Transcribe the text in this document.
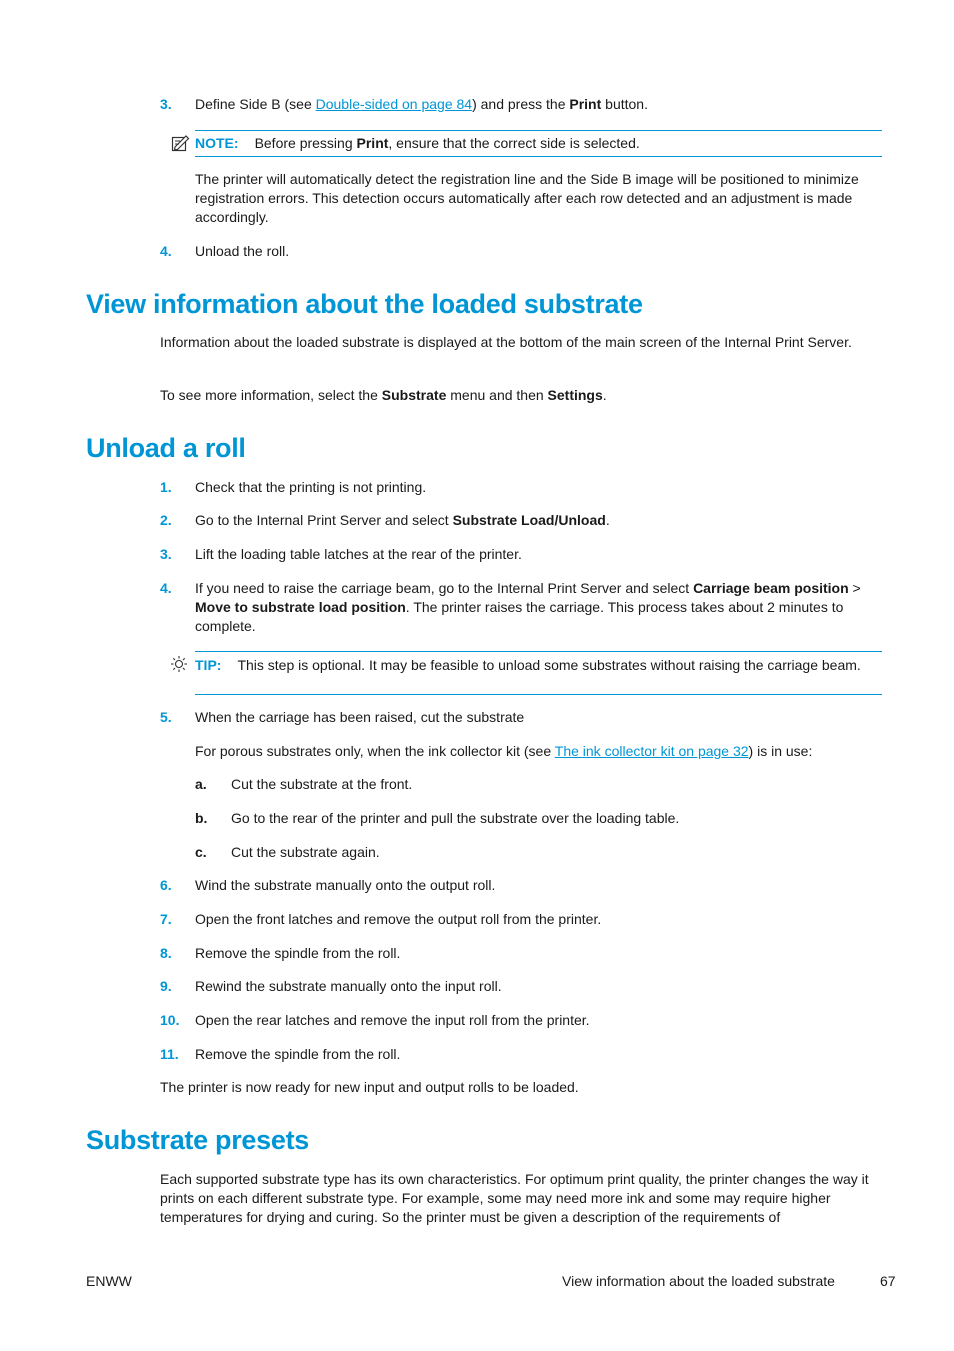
3. Define Side B (see Double-sided on page 84) and press the Print button.
NOTE: Before pressing Print, ensure that the correct side is selected.
The printer will automatically detect the registration line and the Side B image will be positioned to minimize registration errors. This detection occurs automatically after each row detected and an adjustment is made accordingly.
4. Unload the roll.
View information about the loaded substrate
Information about the loaded substrate is displayed at the bottom of the main screen of the Internal Print Server.
To see more information, select the Substrate menu and then Settings.
Unload a roll
1. Check that the printing is not printing.
2. Go to the Internal Print Server and select Substrate Load/Unload.
3. Lift the loading table latches at the rear of the printer.
4. If you need to raise the carriage beam, go to the Internal Print Server and select Carriage beam position > Move to substrate load position. The printer raises the carriage. This process takes about 2 minutes to complete.
TIP: This step is optional. It may be feasible to unload some substrates without raising the carriage beam.
5. When the carriage has been raised, cut the substrate
For porous substrates only, when the ink collector kit (see The ink collector kit on page 32) is in use:
a. Cut the substrate at the front.
b. Go to the rear of the printer and pull the substrate over the loading table.
c. Cut the substrate again.
6. Wind the substrate manually onto the output roll.
7. Open the front latches and remove the output roll from the printer.
8. Remove the spindle from the roll.
9. Rewind the substrate manually onto the input roll.
10. Open the rear latches and remove the input roll from the printer.
11. Remove the spindle from the roll.
The printer is now ready for new input and output rolls to be loaded.
Substrate presets
Each supported substrate type has its own characteristics. For optimum print quality, the printer changes the way it prints on each different substrate type. For example, some may need more ink and some may require higher temperatures for drying and curing. So the printer must be given a description of the requirements of
ENWW	View information about the loaded substrate	67
